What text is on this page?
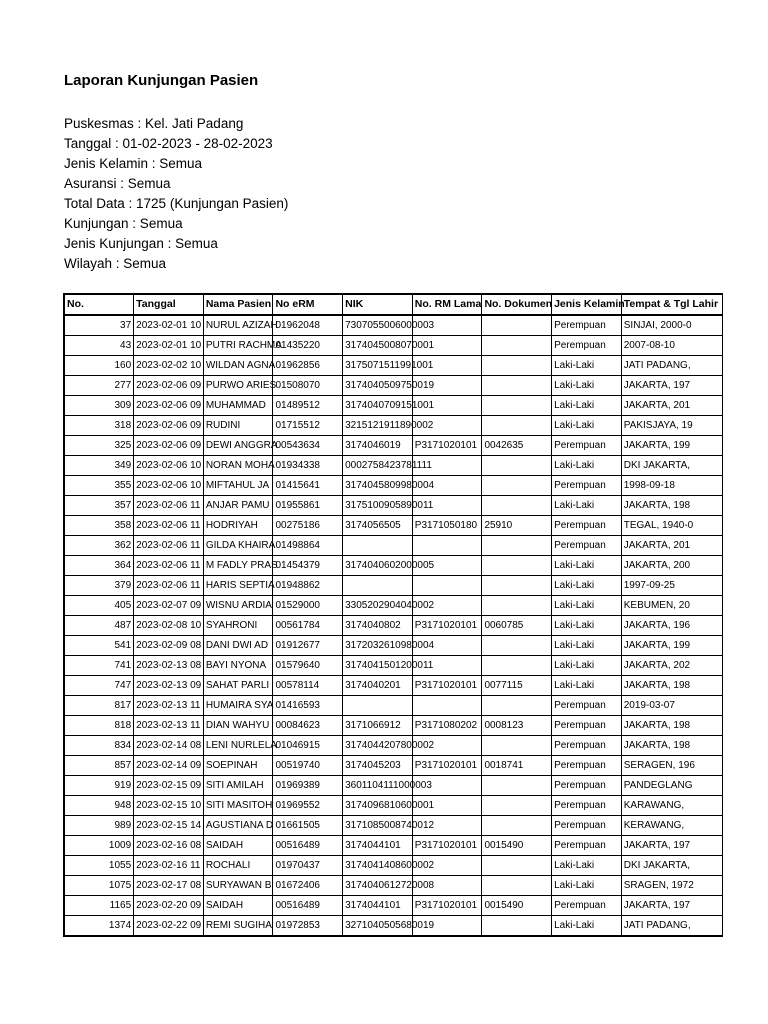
Laporan Kunjungan Pasien
Puskesmas : Kel. Jati Padang
Tanggal : 01-02-2023 - 28-02-2023
Jenis Kelamin : Semua
Asuransi : Semua
Total Data : 1725 (Kunjungan Pasien)
Kunjungan : Semua
Jenis Kunjungan : Semua
Wilayah : Semua
No.	Tanggal	Nama Pasien	No eRM	NIK	No. RM Lama	No. Dokumen	Jenis Kelamin	Tempat & Tgl Lahir
37	2023-02-01 10	NURUL AZIZAH	01962048	7307055006000003			Perempuan	SINJAI, 2000-0
43	2023-02-01 10	PUTRI RACHMA	01435220	3174045008070001			Perempuan	2007-08-10
160	2023-02-02 10	WILDAN AGNA	01962856	3175071511991001			Laki-Laki	JATI PADANG,
277	2023-02-06 09	PURWO ARIES	01508070	3174040509750019			Laki-Laki	JAKARTA, 197
309	2023-02-06 09	MUHAMMAD	01489512	3174040709151001			Laki-Laki	JAKARTA, 201
318	2023-02-06 09	RUDINI	01715512	3215121911890002			Laki-Laki	PAKISJAYA, 19
325	2023-02-06 09	DEWI ANGGRA	00543634	3174046019	P3171020101	0042635	Perempuan	JAKARTA, 199
349	2023-02-06 10	NORAN MOHA	01934338	0002758423781111			Laki-Laki	DKI JAKARTA,
355	2023-02-06 10	MIFTAHUL JA	01415641	3174045809980004			Perempuan	1998-09-18
357	2023-02-06 11	ANJAR PAMU	01955861	3175100905890011			Laki-Laki	JAKARTA, 198
358	2023-02-06 11	HODRIYAH	00275186	3174056505	P3171050180	25910	Perempuan	TEGAL, 1940-0
362	2023-02-06 11	GILDA KHAIRA	01498864				Perempuan	JAKARTA, 201
364	2023-02-06 11	M FADLY PRAS	01454379	3174040602000005			Laki-Laki	JAKARTA, 200
379	2023-02-06 11	HARIS SEPTIA	01948862				Laki-Laki	1997-09-25
405	2023-02-07 09	WISNU ARDIA	01529000	3305202904040002			Laki-Laki	KEBUMEN, 20
487	2023-02-08 10	SYAHRONI	00561784	3174040802	P3171020101	0060785	Laki-Laki	JAKARTA, 196
541	2023-02-09 08	DANI DWI AD	01912677	3172032610980004			Laki-Laki	JAKARTA, 199
741	2023-02-13 08	BAYI NYONA	01579640	3174041501200011			Laki-Laki	JAKARTA, 202
747	2023-02-13 09	SAHAT PARLI	00578114	3174040201	P3171020101	0077115	Laki-Laki	JAKARTA, 198
817	2023-02-13 11	HUMAIRA SYA	01416593				Perempuan	2019-03-07
818	2023-02-13 11	DIAN WAHYU	00084623	3171066912	P3171080202	0008123	Perempuan	JAKARTA, 198
834	2023-02-14 08	LENI NURLELA	01046915	3174044207800002			Perempuan	JAKARTA, 198
857	2023-02-14 09	SOEPINAH	00519740	3174045203	P3171020101	0018741	Perempuan	SERAGEN, 196
919	2023-02-15 09	SITI AMILAH	01969389	3601104111000003			Perempuan	PANDEGLANG
948	2023-02-15 10	SITI MASITOH	01969552	3174096810600001			Perempuan	KARAWANG,
989	2023-02-15 14	AGUSTIANA D	01661505	3171085008740012			Perempuan	KERAWANG,
1009	2023-02-16 08	SAIDAH	00516489	3174044101	P3171020101	0015490	Perempuan	JAKARTA, 197
1055	2023-02-16 11	ROCHALI	01970437	3174041408600002			Laki-Laki	DKI JAKARTA,
1075	2023-02-17 08	SURYAWAN B	01672406	3174040612720008			Laki-Laki	SRAGEN, 1972
1165	2023-02-20 09	SAIDAH	00516489	3174044101	P3171020101	0015490	Perempuan	JAKARTA, 197
1374	2023-02-22 09	REMI SUGIHA	01972853	3271040505680019			Laki-Laki	JATI PADANG,
